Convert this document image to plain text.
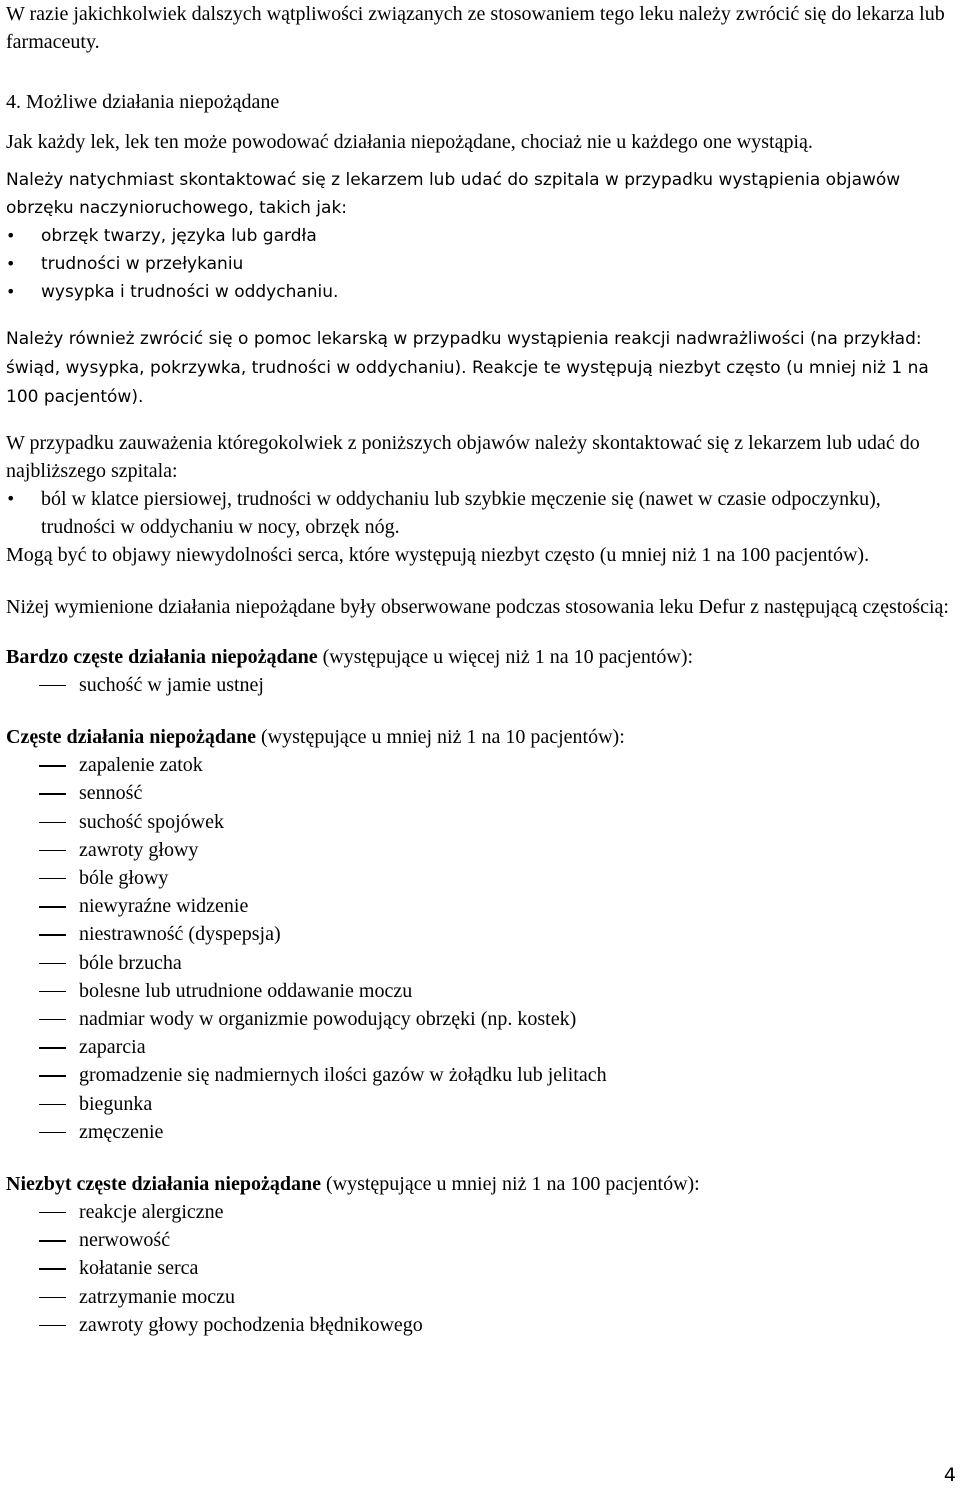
W razie jakichkolwiek dalszych wątpliwości związanych ze stosowaniem tego leku należy zwrócić się do lekarza lub farmaceuty.

4. Możliwe działania niepożądane

Jak każdy lek, lek ten może powodować działania niepożądane, chociaż nie u każdego one wystąpią.

Należy natychmiast skontaktować się z lekarzem lub udać do szpitala w przypadku wystąpienia objawów obrzęku naczynioruchowego, takich jak:

obrzęk twarzy, języka lub gardła
trudności w przełykaniu
wysypka i trudności w oddychaniu.

Należy również zwrócić się o pomoc lekarską w przypadku wystąpienia reakcji nadwrażliwości (na przykład: świąd, wysypka, pokrzywka, trudności w oddychaniu). Reakcje te występują niezbyt często (u mniej niż 1 na 100 pacjentów).

W przypadku zauważenia któregokolwiek z poniższych objawów należy skontaktować się z lekarzem lub udać do najbliższego szpitala:

ból w klatce piersiowej, trudności w oddychaniu lub szybkie męczenie się (nawet w czasie odpoczynku), trudności w oddychaniu w nocy, obrzęk nóg.

Mogą być to objawy niewydolności serca, które występują niezbyt często (u mniej niż 1 na 100 pacjentów).

Niżej wymienione działania niepożądane były obserwowane podczas stosowania leku Defur z następującą częstością:

Bardzo częste działania niepożądane (występujące u więcej niż 1 na 10 pacjentów):

suchość w jamie ustnej

Częste działania niepożądane (występujące u mniej niż 1 na 10 pacjentów):

zapalenie zatok
senność
suchość spojówek
zawroty głowy
bóle głowy
niewyraźne widzenie
niestrawność (dyspepsja)
bóle brzucha
bolesne lub utrudnione oddawanie moczu
nadmiar wody w organizmie powodujący obrzęki (np. kostek)
zaparcia
gromadzenie się nadmiernych ilości gazów w żołądku lub jelitach
biegunka
zmęczenie

Niezbyt częste działania niepożądane (występujące u mniej niż 1 na 100 pacjentów):

reakcje alergiczne
nerwowość
kołatanie serca
zatrzymanie moczu
zawroty głowy pochodzenia błędnikowego
4
